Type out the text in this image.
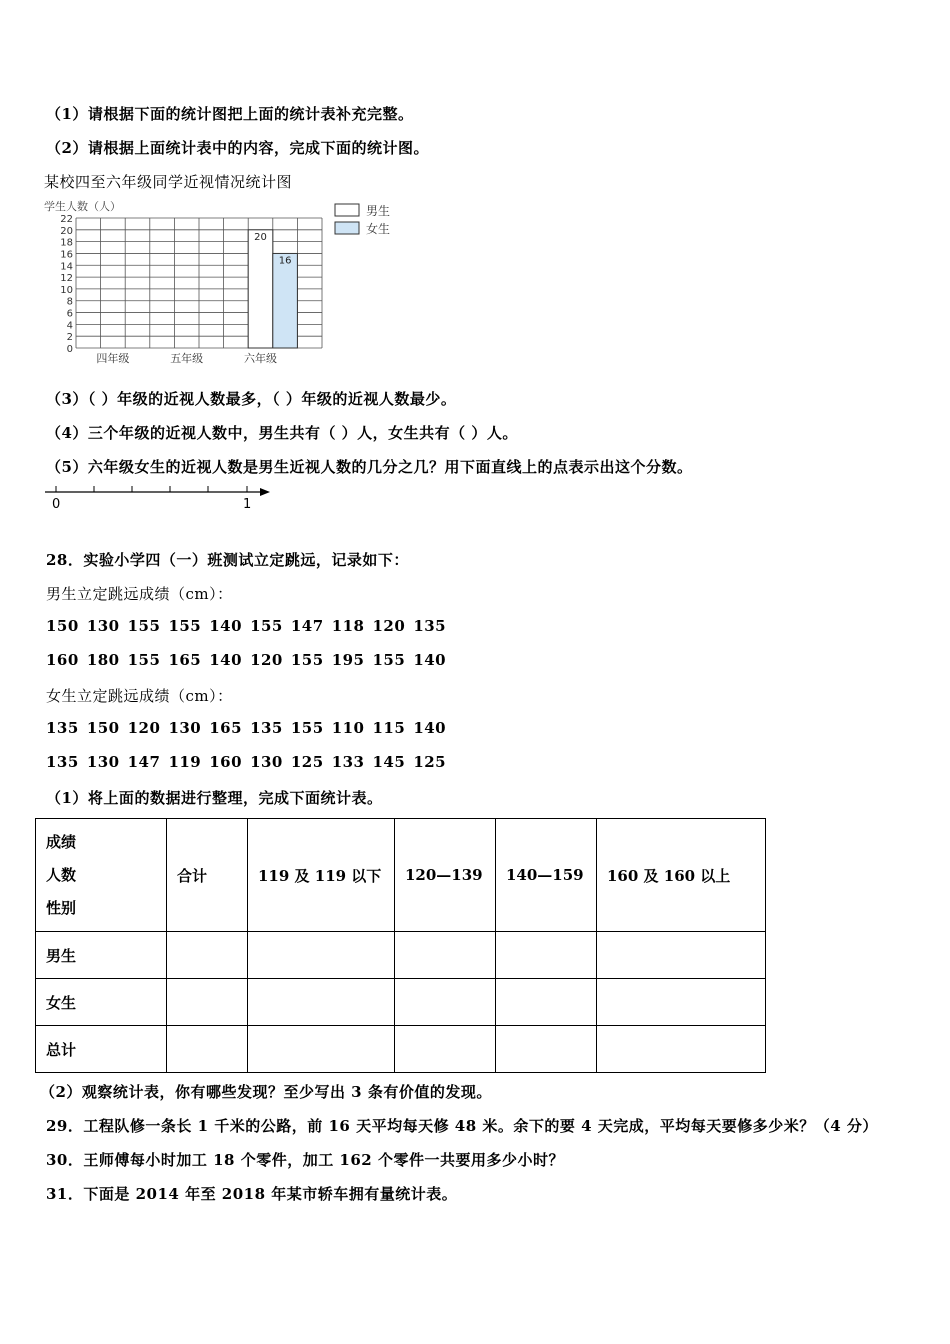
（1）请根据下面的统计图把上面的统计表补充完整。
（2）请根据上面统计表中的内容，完成下面的统计图。
某校四至六年级同学近视情况统计图
学生人数（人）
0
2
4
6
8
10
12
14
16
18
20
22
四年级	五年级	六年级
20
16
男生
女生
（3）（ ）年级的近视人数最多，（ ）年级的近视人数最少。
（4）三个年级的近视人数中，男生共有（ ）人，女生共有（ ）人。
（5）六年级女生的近视人数是男生近视人数的几分之几？用下面直线上的点表示出这个分数。
0	1
28．实验小学四（一）班测试立定跳远，记录如下：
男生立定跳远成绩（cm）：
150 130 155 155 140 155 147 118 120 135
160 180 155 165 140 120 155 195 155 140
女生立定跳远成绩（cm）：
135 150 120 130 165 135 155 110 115 140
135 130 147 119 160 130 125 133 145 125
（1）将上面的数据进行整理，完成下面统计表。
成绩
人数
性别	合计	119 及 119 以下	120—139	140—159	160 及 160 以上
男生					
女生					
总计					
（2）观察统计表，你有哪些发现？至少写出 3 条有价值的发现。
29．工程队修一条长 1 千米的公路，前 16 天平均每天修 48 米。余下的要 4 天完成，平均每天要修多少米？（4 分）
30．王师傅每小时加工 18 个零件，加工 162 个零件一共要用多少小时？
31．下面是 2014 年至 2018 年某市轿车拥有量统计表。
